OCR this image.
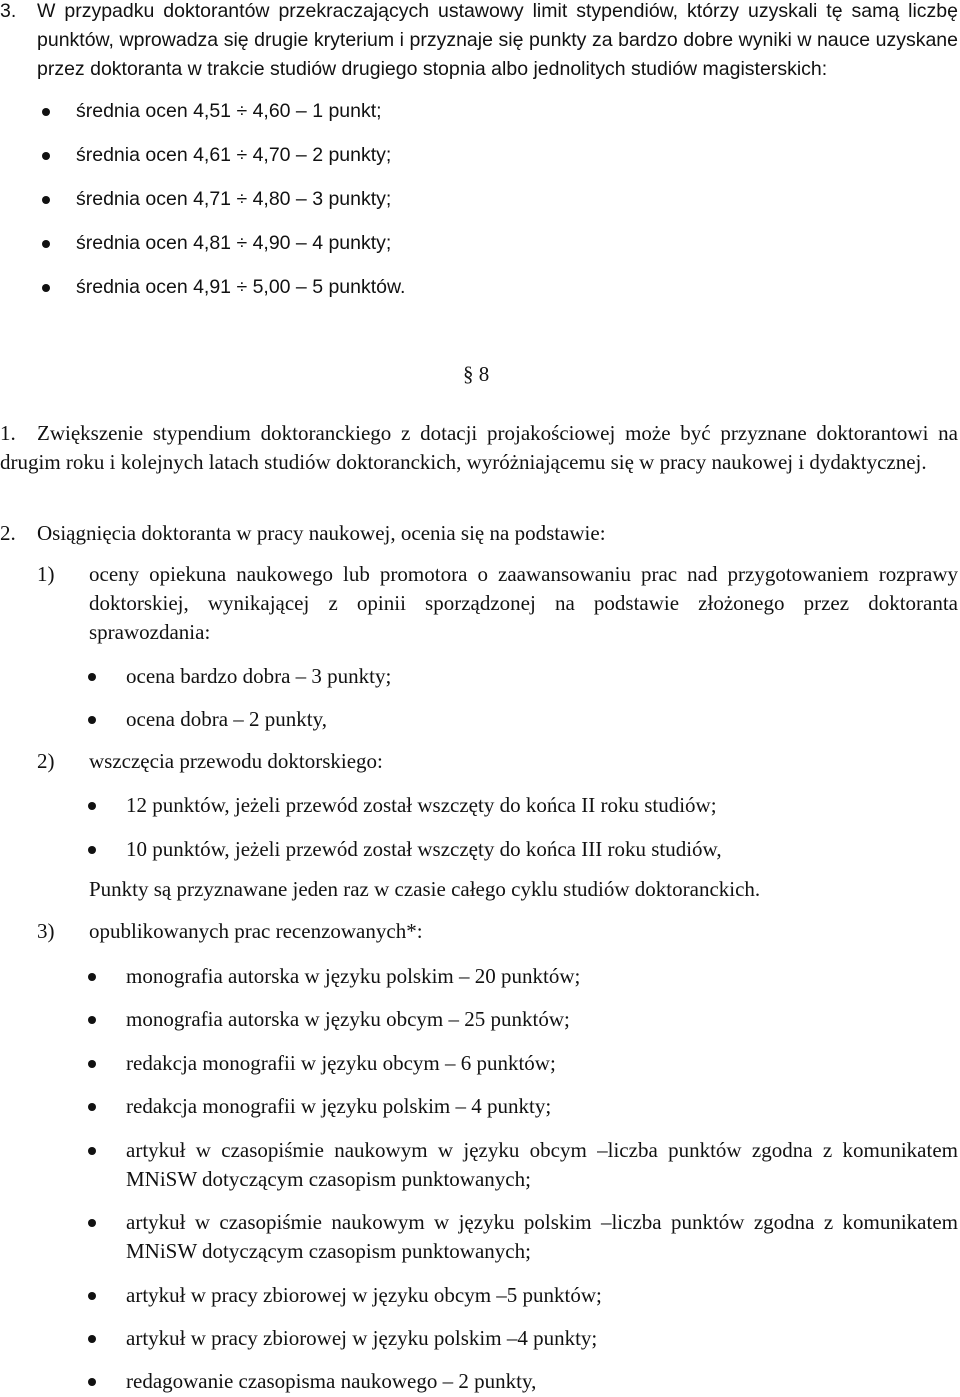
3. W przypadku doktorantów przekraczających ustawowy limit stypendiów, którzy uzyskali tę samą liczbę punktów, wprowadza się drugie kryterium i przyznaje się punkty za bardzo dobre wyniki w nauce uzyskane przez doktoranta w trakcie studiów drugiego stopnia albo jednolitych studiów magisterskich:
średnia ocen 4,51 ÷ 4,60 – 1 punkt;
średnia ocen 4,61 ÷ 4,70 – 2 punkty;
średnia ocen 4,71 ÷ 4,80 – 3 punkty;
średnia ocen 4,81 ÷ 4,90 – 4 punkty;
średnia ocen 4,91 ÷ 5,00 – 5 punktów.
§ 8
1.	Zwiększenie stypendium doktoranckiego z dotacji projakościowej może być przyznane doktorantowi na drugim roku i kolejnych latach studiów doktoranckich, wyróżniającemu się w pracy naukowej i dydaktycznej.
2. Osiągnięcia doktoranta w pracy naukowej, ocenia się na podstawie:
1) oceny opiekuna naukowego lub promotora o zaawansowaniu prac nad przygotowaniem rozprawy doktorskiej, wynikającej z opinii sporządzonej na podstawie złożonego przez doktoranta sprawozdania:
ocena bardzo dobra – 3 punkty;
ocena dobra – 2 punkty,
2) wszczęcia przewodu doktorskiego:
12 punktów, jeżeli przewód został wszczęty do końca II roku studiów;
10 punktów, jeżeli przewód został wszczęty do końca III roku studiów,
Punkty są przyznawane jeden raz w czasie całego cyklu studiów doktoranckich.
3) opublikowanych prac recenzowanych*:
monografia autorska w języku polskim – 20 punktów;
monografia autorska w języku obcym – 25 punktów;
redakcja monografii w języku obcym – 6 punktów;
redakcja monografii w języku polskim – 4 punkty;
artykuł w czasopiśmie naukowym w języku obcym –liczba punktów zgodna z komunikatem MNiSW dotyczącym czasopism punktowanych;
artykuł w czasopiśmie naukowym w języku polskim –liczba punktów zgodna z komunikatem MNiSW dotyczącym czasopism punktowanych;
artykuł w pracy zbiorowej w języku obcym –5 punktów;
artykuł w pracy zbiorowej w języku polskim –4 punkty;
redagowanie czasopisma naukowego – 2 punkty,
